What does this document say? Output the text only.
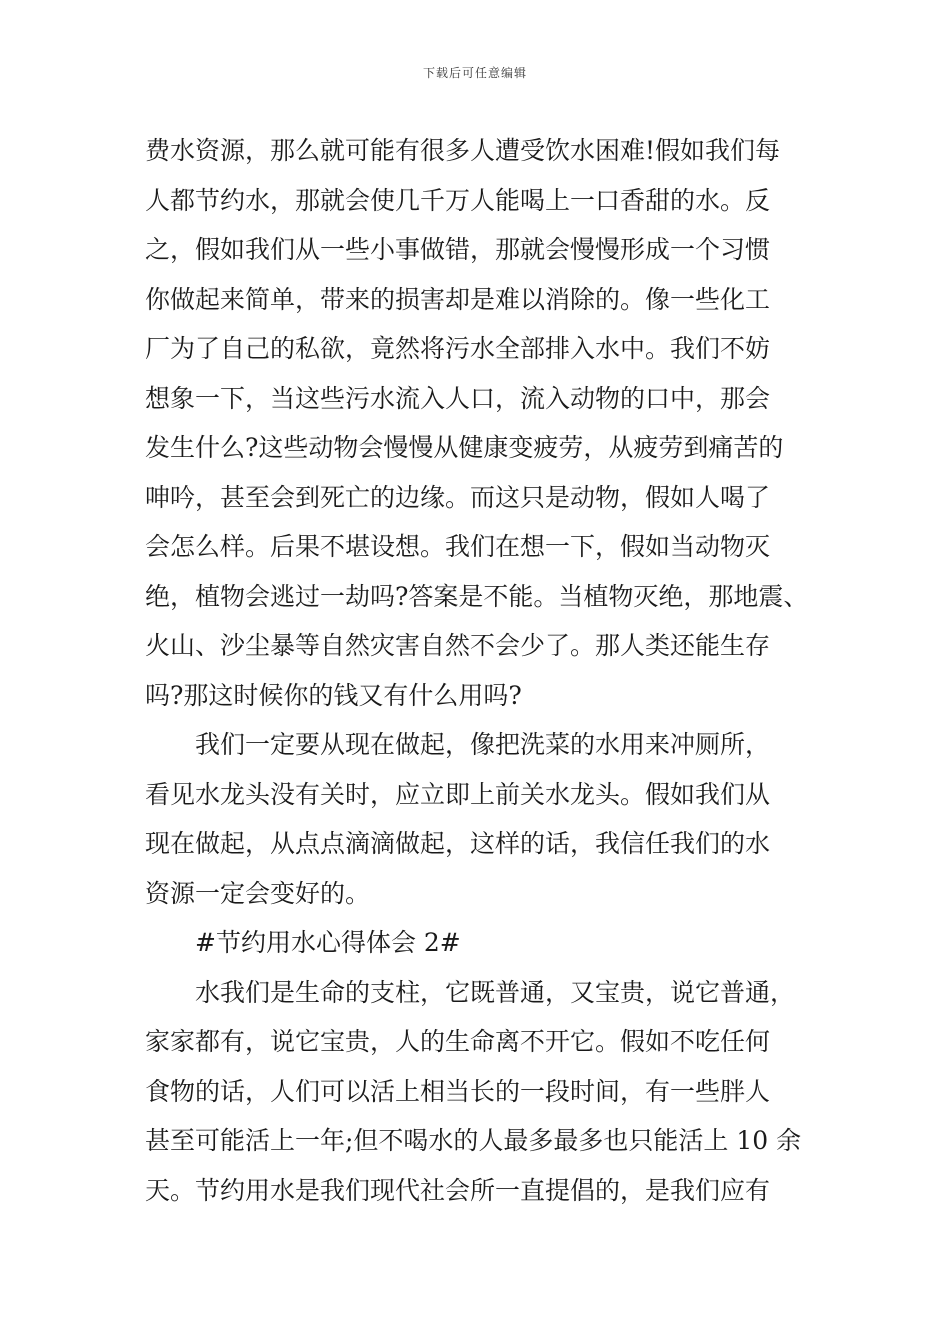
下载后可任意编辑
费水资源，那么就可能有很多人遭受饮水困难!假如我们每
人都节约水，那就会使几千万人能喝上一口香甜的水。反
之，假如我们从一些小事做错，那就会慢慢形成一个习惯
你做起来简单，带来的损害却是难以消除的。像一些化工
厂为了自己的私欲，竟然将污水全部排入水中。我们不妨
想象一下，当这些污水流入人口，流入动物的口中，那会
发生什么?这些动物会慢慢从健康变疲劳，从疲劳到痛苦的
呻吟，甚至会到死亡的边缘。而这只是动物，假如人喝了
会怎么样。后果不堪设想。我们在想一下，假如当动物灭
绝，植物会逃过一劫吗?答案是不能。当植物灭绝，那地震、
火山、沙尘暴等自然灾害自然不会少了。那人类还能生存
吗?那这时候你的钱又有什么用吗?
我们一定要从现在做起，像把洗菜的水用来冲厕所，
看见水龙头没有关时，应立即上前关水龙头。假如我们从
现在做起，从点点滴滴做起，这样的话，我信任我们的水
资源一定会变好的。
#节约用水心得体会 2#
水我们是生命的支柱，它既普通，又宝贵，说它普通，
家家都有，说它宝贵，人的生命离不开它。假如不吃任何
食物的话，人们可以活上相当长的一段时间，有一些胖人
甚至可能活上一年;但不喝水的人最多最多也只能活上 10 余
天。节约用水是我们现代社会所一直提倡的，是我们应有
